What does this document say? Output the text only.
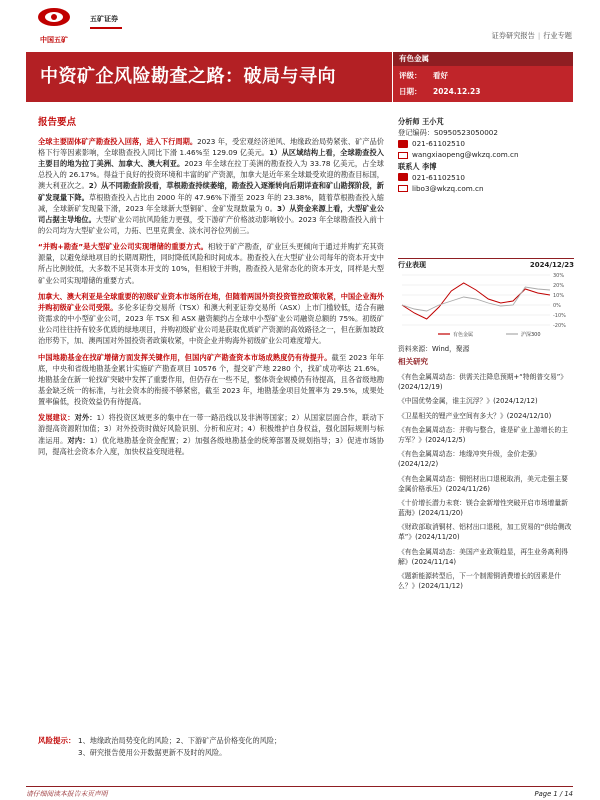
中国五矿
五矿证券
证券研究报告 | 行业专题
中资矿企风险勘查之路：破局与寻向
有色金属
评级： 看好
日期： 2024.12.23
报告要点
全球主要固体矿产勘查投入回落，进入下行周期。2023 年，受宏观经济逆风、地缘政治局势紧张、矿产品价格下行等因素影响，全球勘查投入同比下滑 1.46%至 129.09 亿美元。1）从区域结构上看，全球勘查投入主要目的地为拉丁美洲、加拿大、澳大利亚。2023 年全球在拉丁美洲的勘查投入为 33.78 亿美元，占全球总投入的 26.17%。得益于良好的投资环境和丰富的矿产资源，加拿大是近年来全球最受欢迎的勘查目标国，澳大利亚次之。2）从不同勘查阶段看，草根勘查持续萎缩，勘查投入逐渐转向后期详查和矿山勘探阶段，新矿发现量下降。草根勘查投入占比由 2000 年的 47.96%下滑至 2023 年的 23.38%，随着草根勘查投入缩减，全球新矿发现量下滑，2023 年全球新大型铜矿、金矿发现数量为 0。3）从资金来源上看，大型矿业公司占据主导地位。大型矿业公司抗风险能力更强，受下游矿产价格波动影响较小。2023 年全球勘查投入前十的公司均为大型矿业公司，力拓、巴里克黄金、淡水河谷位列前三。
“并购+勘查”是大型矿业公司实现增储的重要方式。相较于矿产勘查，矿业巨头更倾向于通过并购扩充其资源量，以避免绿地项目的长期周期性，同时降低风险和时间成本。勘查投入在大型矿业公司每年的资本开支中所占比例较低，大多数不足其资本开支的 10%，但相较于并购，勘查投入是常态化的资本开支，同样是大型矿业公司实现增储的重要方式。
加拿大、澳大利亚是全球重要的初级矿业资本市场所在地，但随着两国外资投资管控政策收紧，中国企业海外并购初级矿业公司受限。多伦多证券交易所（TSX）和澳大利亚证券交易所（ASX）上市门槛较低，适合有融资需求的中小型矿业公司，2023 年 TSX 和 ASX 融资额约占全球中小型矿业公司融资总额的 75%。初级矿业公司往往持有较多优质的绿地项目，并购初级矿业公司是获取优质矿产资源的高效路径之一，但在新加坡政治形势下，加、澳两国对外国投资者政策收紧，中资企业并购海外初级矿业公司难度增大。
中国地勘基金在找矿增储方面发挥关键作用，但国内矿产勘查资本市场成熟度仍有待提升。截至 2023 年年底，中央和省级地勘基金累计实施矿产勘查项目 10576 个，提交矿产地 2280 个，找矿成功率达 21.6%。地勘基金在新一轮找矿突破中发挥了重要作用，但仍存在一些不足，整体资金规模仍有待提高，且各省级地勘基金缺乏统一的标准，与社会资本的衔接不够紧密，截至 2023 年，地勘基金项目处置率为 29.5%，成果处置率偏低，投资效益仍有待提高。
发展建议：对外：1）将投资区域更多的集中在一带一路沿线以及非洲等国家；2）从国家层面合作，联动下游提高资源附加值；3）对外投资时做好风险识别、分析和应对；4）积极维护自身权益，强化国际规则与标准运用。对内：1）优化地勘基金资金配置；2）加强各级地勘基金的统筹部署及规划指导；3）促进市场协同，提高社会资本介入度，加快权益变现进程。
风险提示： 1、地缘政治局势变化的风险；2、下游矿产品价格变化的风险；
3、研究报告使用公开数据更新不及时的风险。
分析师 王小芃
登记编码：S0950523050002
021-61102510
wangxiaopeng@wkzq.com.cn
联系人 李博
021-61102510
libo3@wkzq.com.cn
行业表现	2024/12/23
30%
20%
10%
0%
-10%
-20%
有色金属	沪深300
资料来源：Wind，聚源
相关研究
《有色金属周动态：供需关注降息预期+“特朗普交易”》(2024/12/19)
《中国优势金属，谁主沉浮？》(2024/12/12)
《卫星相关的锂产业空间有多大？》(2024/12/10)
《有色金属周动态：并购与整合，谁是矿业上游增长的主方军？》(2024/12/5)
《有色金属周动态：地缘冲突升级，金价走强》(2024/12/2)
《有色金属周动态：铜铝材出口退税取消，美元走强主要金属价格承压》(2024/11/26)
《十价增长潜力未衰：镁合金新增性突破开启市场增量新蓝海》(2024/11/20)
《财政部取消铜材、铝材出口退税，加工贸易的“供给侧改革”》(2024/11/20)
《有色金属周动态：美国产业政策趋显，再生业务离利得解》(2024/11/14)
《题新能源转型后，下一个制需铜消费增长的因素是什么？》(2024/11/12)
请仔细阅读本报告末页声明	Page 1 / 14
